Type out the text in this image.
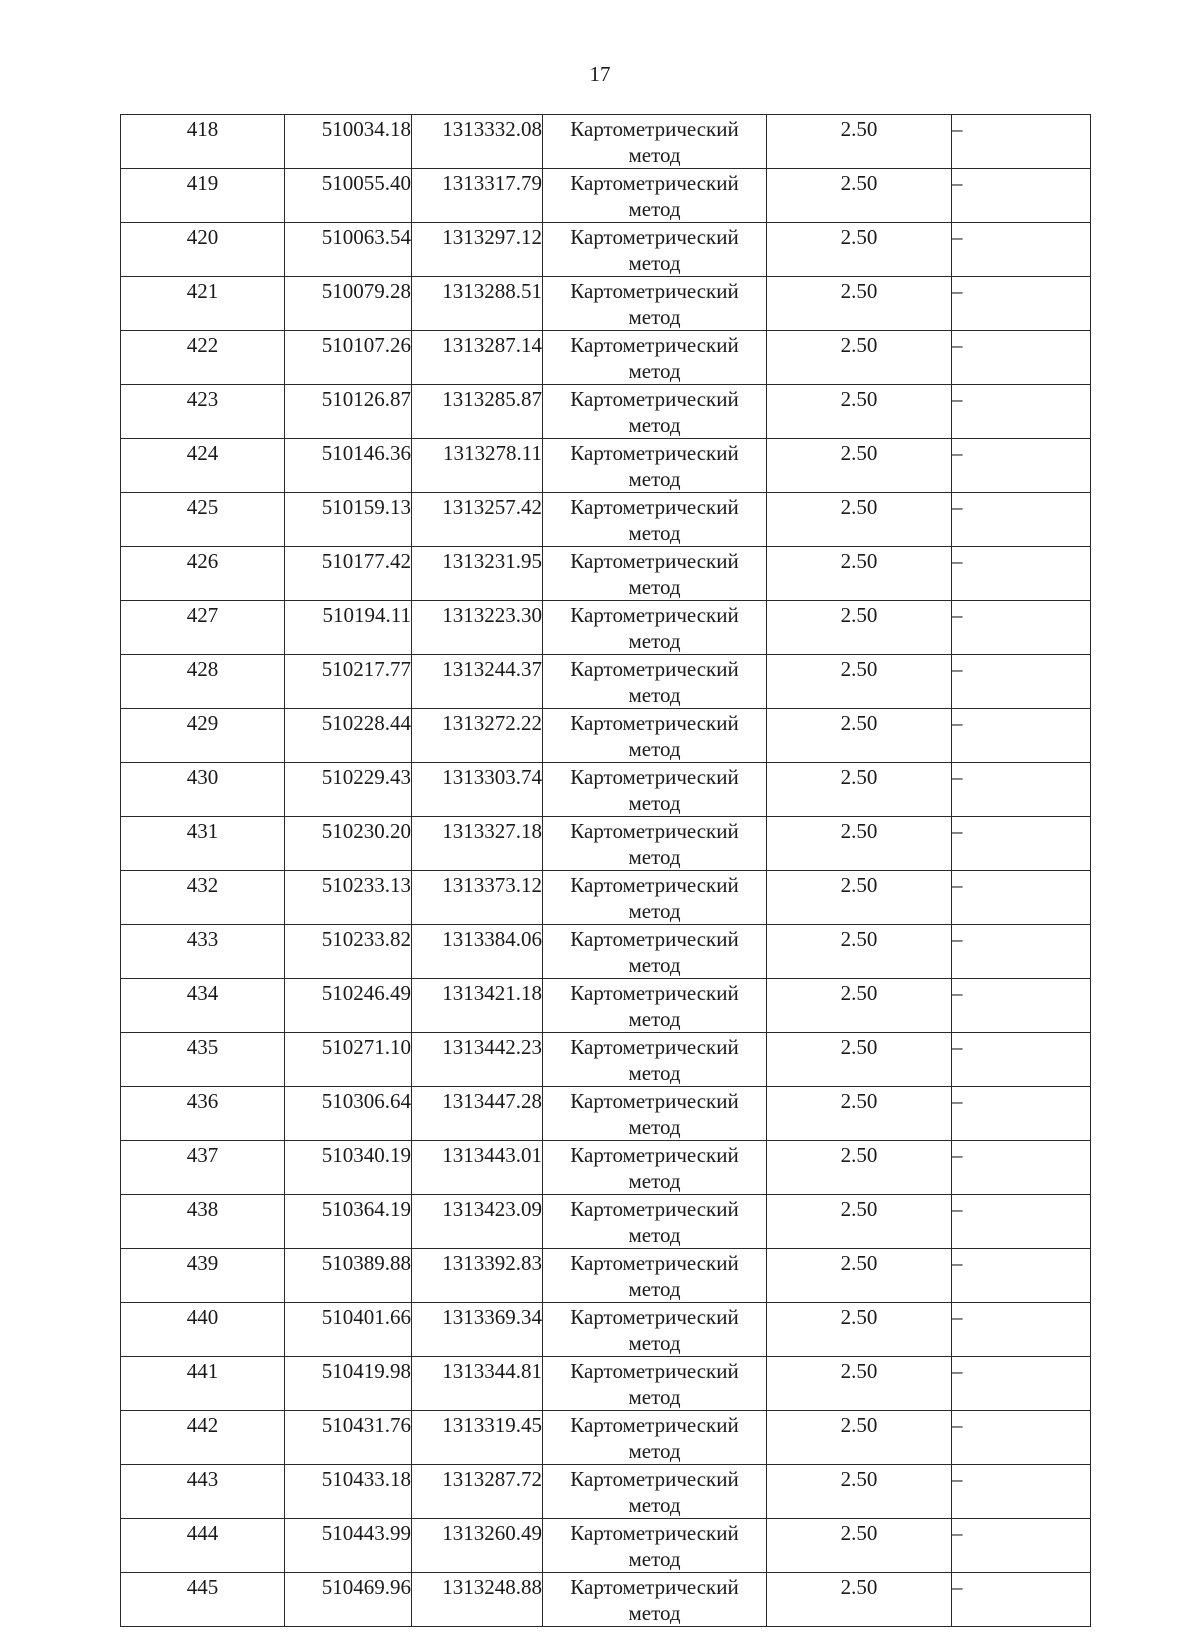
17
418	510034.18	1313332.08	Картометрический метод	2.50	–

419	510055.40	1313317.79	Картометрический метод	2.50	–

420	510063.54	1313297.12	Картометрический метод	2.50	–

421	510079.28	1313288.51	Картометрический метод	2.50	–

422	510107.26	1313287.14	Картометрический метод	2.50	–

423	510126.87	1313285.87	Картометрический метод	2.50	–

424	510146.36	1313278.11	Картометрический метод	2.50	–

425	510159.13	1313257.42	Картометрический метод	2.50	–

426	510177.42	1313231.95	Картометрический метод	2.50	–

427	510194.11	1313223.30	Картометрический метод	2.50	–

428	510217.77	1313244.37	Картометрический метод	2.50	–

429	510228.44	1313272.22	Картометрический метод	2.50	–

430	510229.43	1313303.74	Картометрический метод	2.50	–

431	510230.20	1313327.18	Картометрический метод	2.50	–

432	510233.13	1313373.12	Картометрический метод	2.50	–

433	510233.82	1313384.06	Картометрический метод	2.50	–

434	510246.49	1313421.18	Картометрический метод	2.50	–

435	510271.10	1313442.23	Картометрический метод	2.50	–

436	510306.64	1313447.28	Картометрический метод	2.50	–

437	510340.19	1313443.01	Картометрический метод	2.50	–

438	510364.19	1313423.09	Картометрический метод	2.50	–

439	510389.88	1313392.83	Картометрический метод	2.50	–

440	510401.66	1313369.34	Картометрический метод	2.50	–

441	510419.98	1313344.81	Картометрический метод	2.50	–

442	510431.76	1313319.45	Картометрический метод	2.50	–

443	510433.18	1313287.72	Картометрический метод	2.50	–

444	510443.99	1313260.49	Картометрический метод	2.50	–

445	510469.96	1313248.88	Картометрический метод	2.50	–
